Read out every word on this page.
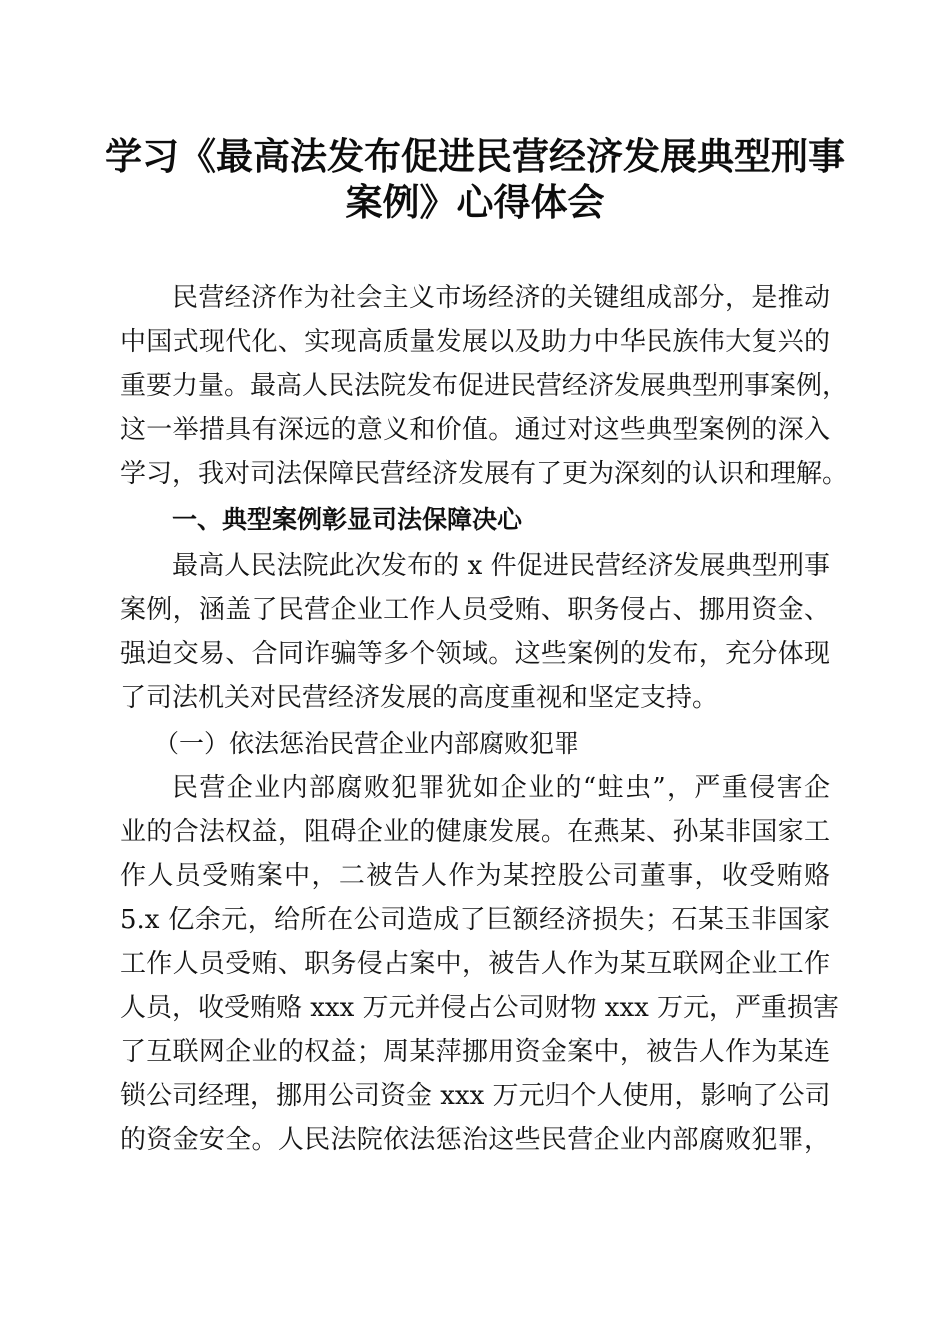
学习《最高法发布促进民营经济发展典型刑事
案例》心得体会
民营经济作为社会主义市场经济的关键组成部分，是推动
中国式现代化、实现高质量发展以及助力中华民族伟大复兴的
重要力量。最高人民法院发布促进民营经济发展典型刑事案例，
这一举措具有深远的意义和价值。通过对这些典型案例的深入
学习，我对司法保障民营经济发展有了更为深刻的认识和理解。
一、典型案例彰显司法保障决心
最高人民法院此次发布的 x 件促进民营经济发展典型刑事
案例，涵盖了民营企业工作人员受贿、职务侵占、挪用资金、
强迫交易、合同诈骗等多个领域。这些案例的发布，充分体现
了司法机关对民营经济发展的高度重视和坚定支持。
（一）依法惩治民营企业内部腐败犯罪
民营企业内部腐败犯罪犹如企业的“蛀虫”，严重侵害企
业的合法权益，阻碍企业的健康发展。在燕某、孙某非国家工
作人员受贿案中，二被告人作为某控股公司董事，收受贿赂
5.x 亿余元，给所在公司造成了巨额经济损失；石某玉非国家
工作人员受贿、职务侵占案中，被告人作为某互联网企业工作
人员，收受贿赂 xxx 万元并侵占公司财物 xxx 万元，严重损害
了互联网企业的权益；周某萍挪用资金案中，被告人作为某连
锁公司经理，挪用公司资金 xxx 万元归个人使用，影响了公司
的资金安全。人民法院依法惩治这些民营企业内部腐败犯罪，
